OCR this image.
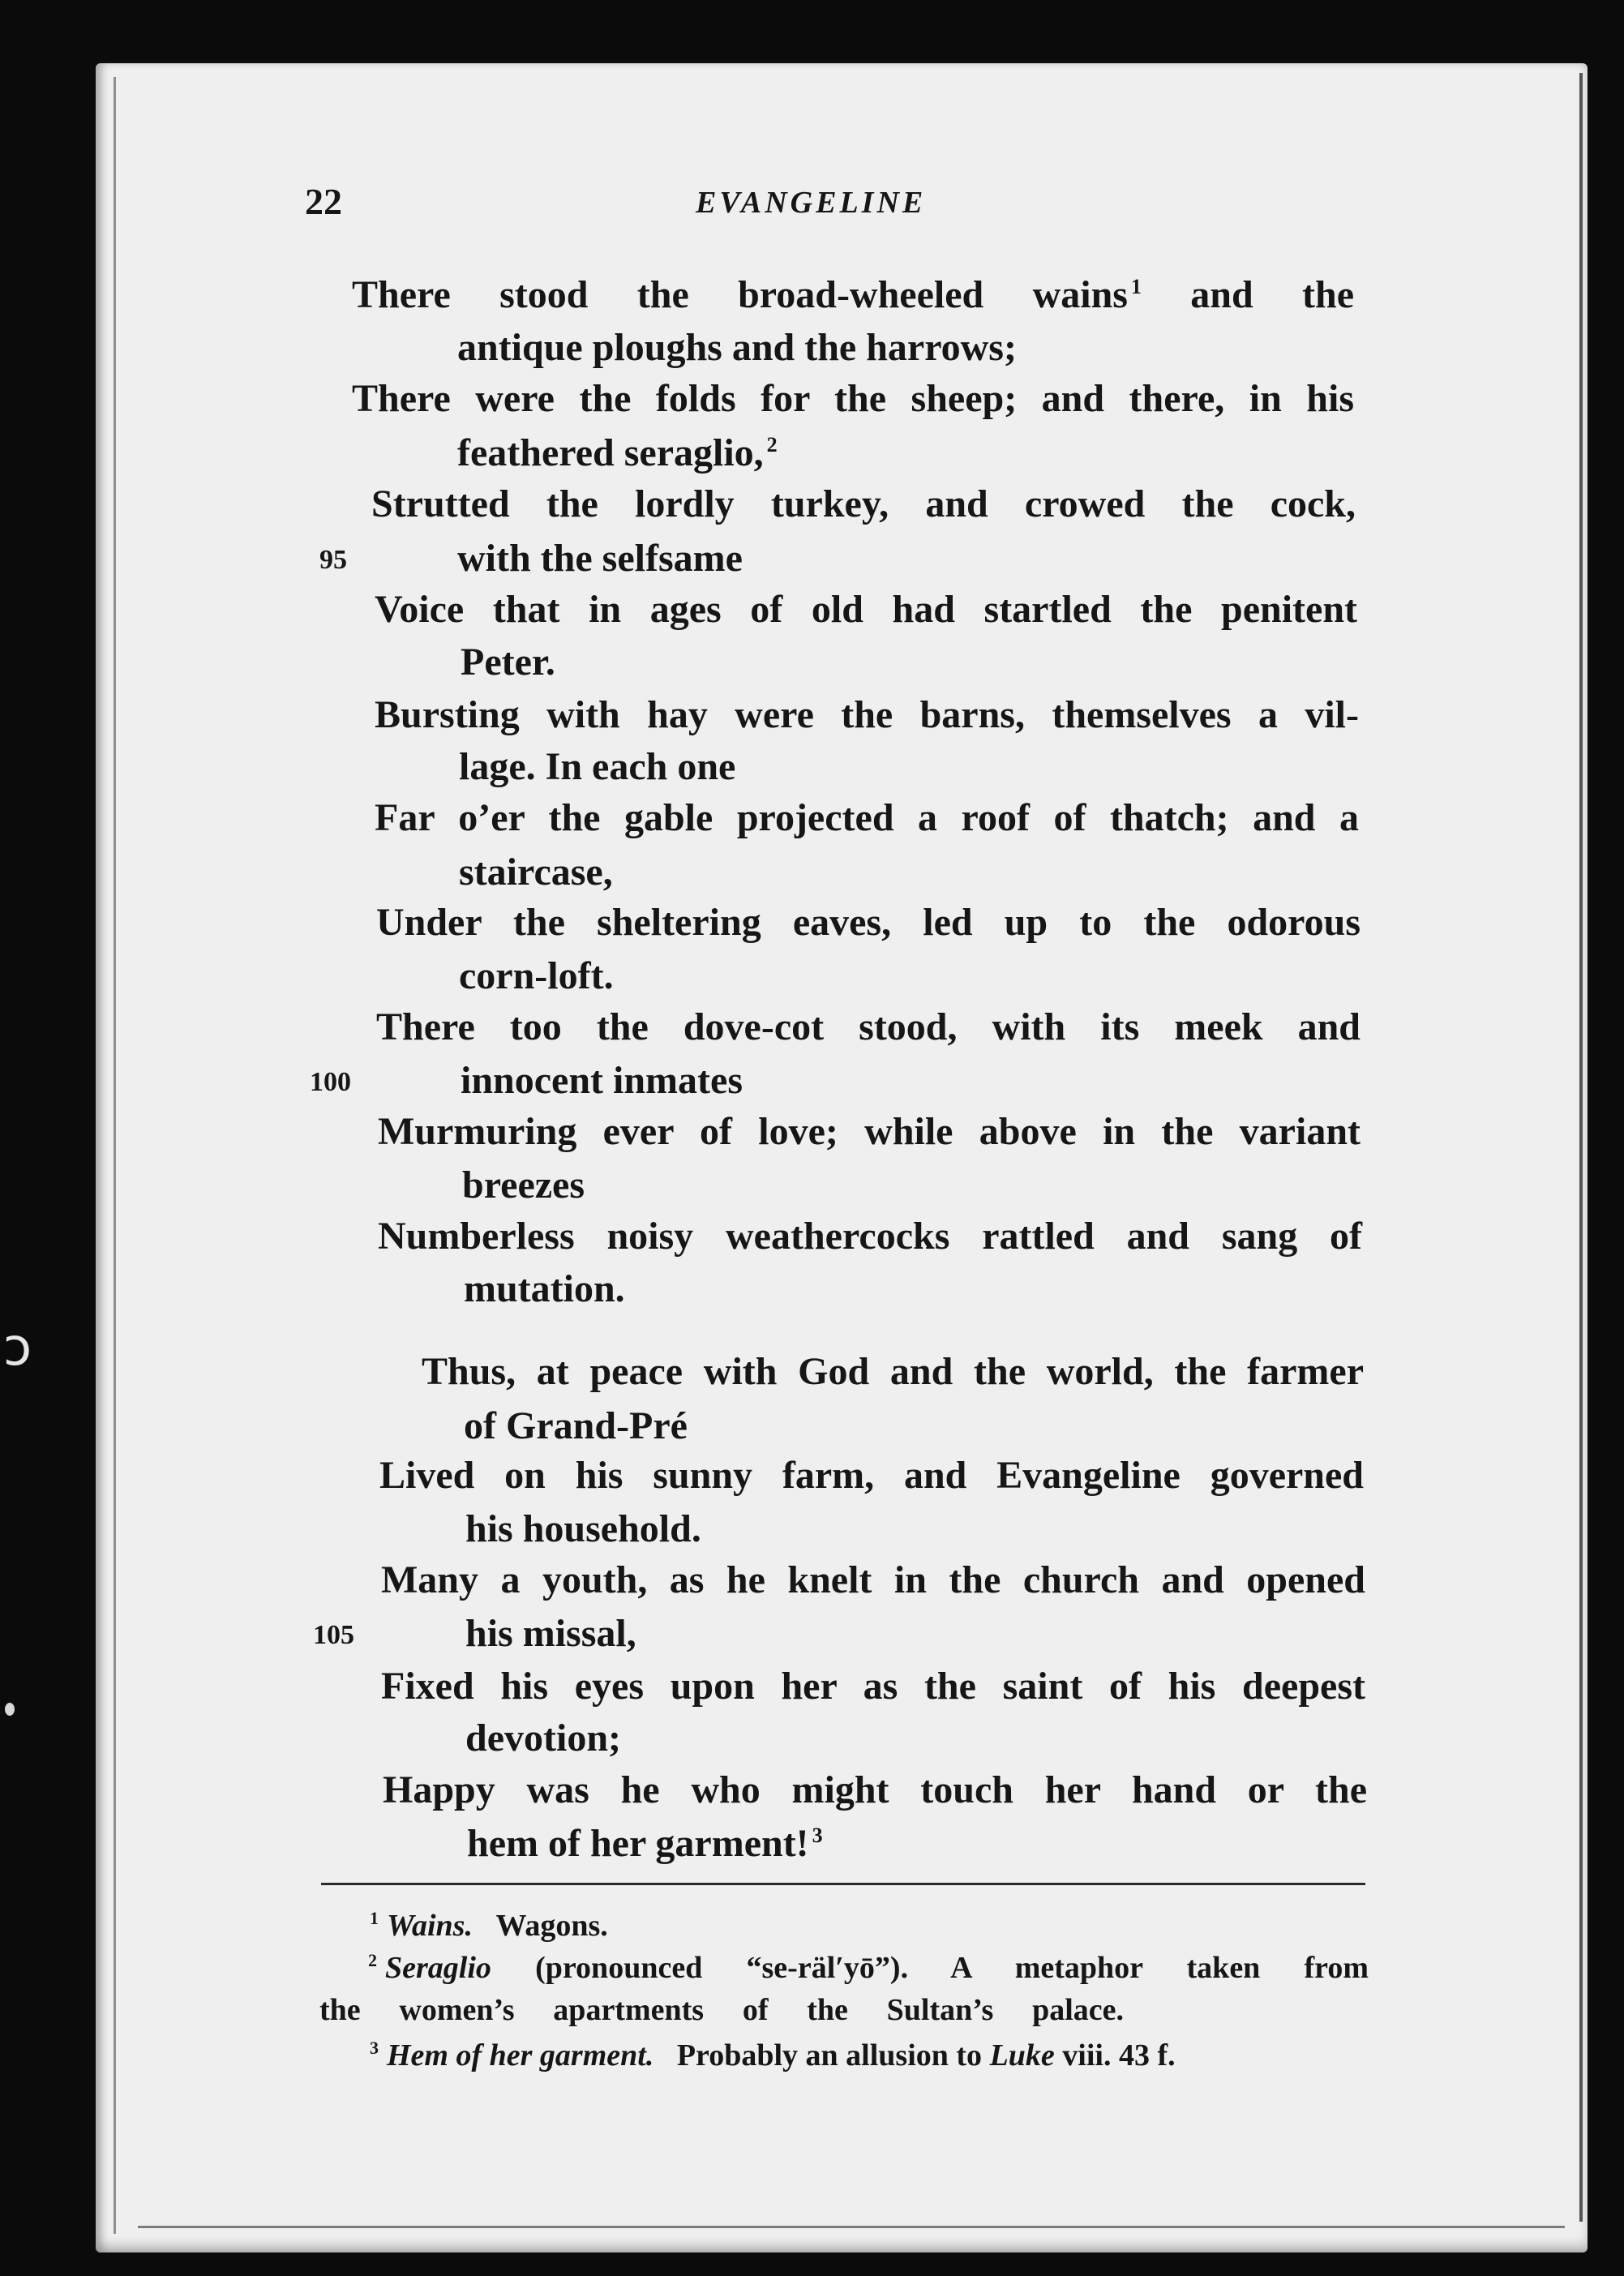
ↄ
22	EVANGELINE
There stood the broad-wheeled wains $^1$ and the
antique ploughs and the harrows;
There were the folds for the sheep; and there, in his
feathered seraglio, $^2$
Strutted the lordly turkey, and crowed the cock,
95	with the selfsame
Voice that in ages of old had startled the penitent
Peter.
Bursting with hay were the barns, themselves a vil-
lage. In each one
Far o’er the gable projected a roof of thatch; and a
staircase,
Under the sheltering eaves, led up to the odorous
corn-loft.
There too the dove-cot stood, with its meek and
100	innocent inmates
Murmuring ever of love; while above in the variant
breezes
Numberless noisy weathercocks rattled and sang of
mutation.
Thus, at peace with God and the world, the farmer
of Grand-Pré
Lived on his sunny farm, and Evangeline governed
his household.
Many a youth, as he knelt in the church and opened
105	his missal,
Fixed his eyes upon her as the saint of his deepest
devotion;
Happy was he who might touch her hand or the
hem of her garment! $^3$
$^1$ Wains. Wagons.
$^2$ Seraglio (pronounced “se-räl′yō”). A metaphor taken from
the women’s apartments of the Sultan’s palace.
$^3$ Hem of her garment. Probably an allusion to Luke viii. 43 f.
